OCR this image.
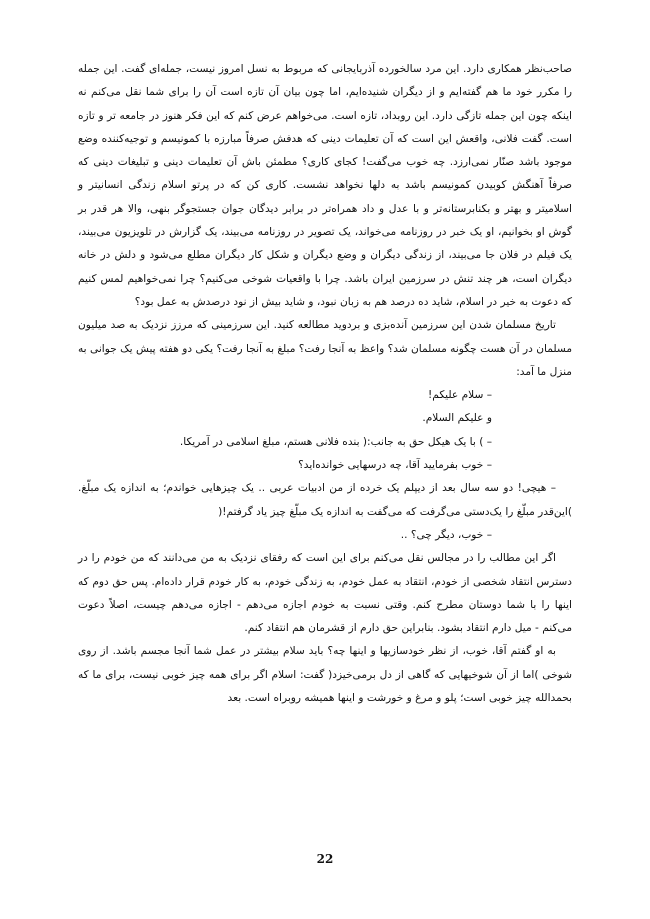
صاحب‌نظر همکاری دارد. این مرد سالخورده آذربایجانی که مربوط به نسل امروز نیست، جمله‌ای گفت. این جمله را مکرر خود ما هم گفته‌ایم و از دیگران شنیده‌ایم، اما چون بیان آن تازه است آن را برای شما نقل می‌کنم نه اینکه چون این جمله تازگی دارد. این روبداد، تازه است. می‌خواهم عرض کنم که این فکر هنوز در جامعه تر و تازه است. گفت فلانی، واقعش این است که آن تعلیمات دینی که هدفش صرفاً مبارزه با کمونیسم و توجیه‌کننده وضع موجود باشد صنّار نمی‌ارزد. چه خوب می‌گفت! کجای کاری؟ مطمئن باش آن تعلیمات دینی و تبلیغات دینی که صرفاً آهنگش کوبیدن کمونیسم باشد به دلها نخواهد نشست. کاری کن که در پرتو اسلام زندگی انسانیتر و اسلامیتر و بهتر و بکنابرستانه‌تر و با عدل و داد همراه‌تر در برابر دیدگان جوان جستجوگر بنهی، والا هر قدر بر گوش او بخوانیم، او یک خبر در روزنامه می‌خواند، یک تصویر در روزنامه می‌بیند، یک گزارش در تلویزیون می‌بیند، یک فیلم در فلان جا می‌بیند، از زندگی دیگران و وضع دیگران و شکل کار دیگران مطلع می‌شود و دلش در خانه دیگران است، هر چند تنش در سرزمین ایران باشد. چرا با واقعیات شوخی می‌کنیم؟ چرا نمی‌خواهیم لمس کنیم که دعوت به خیر در اسلام، شاید ده درصد هم به زبان نبود، و شاید بیش از نود درصدش به عمل بود؟

تاریخ مسلمان شدن این سرزمین آنده‌بزی و بردوید مطالعه کنید. این سرزمینی که مرزز نزدیک به صد میلیون مسلمان در آن هست چگونه مسلمان شد؟ واعظ به آنجا رفت؟ مبلغ به آنجا رفت؟ یکی دو هفته پیش یک جوانی به منزل ما آمد:

– سلام علیکم!

و علیکم السلام.

– ) با یک هیکل حق به جانب:( بنده فلانی هستم، مبلغ اسلامی در آمریکا.

– خوب بفرمایید آقا، چه درسهایی خوانده‌اید؟

– هیچی! دو سه سال بعد از دیپلم یک خرده از من ادبیات عربی .. یک چیزهایی خواندم؛ به اندازه یک مبلّغ. )این‌قدر مبلّغ را یک‌دستی می‌گرفت که می‌گفت به اندازه یک مبلّغ چیز یاد گرفتم!(

– خوب، دیگر چی؟ ..

اگر این مطالب را در مجالس نقل می‌کنم برای این است که رفقای نزدیک به من می‌دانند که من خودم را در دسترس انتقاد شخصی از خودم، انتقاد به عمل خودم، به زندگی خودم، به کار خودم قرار داده‌ام. پس حق دوم که اینها را با شما دوستان مطرح کنم. وقتی نسبت به خودم اجازه می‌دهم - اجازه می‌دهم چیست، اصلاً دعوت می‌کنم - میل دارم انتقاد بشود. بنابراین حق دارم از قشرمان هم انتقاد کنم.

به او گفتم آقا، خوب، از نظر خودسازیها و اینها چه؟ باید سلام بیشتر در عمل شما آنجا مجسم باشد. از روی شوخی )اما از آن شوخیهایی که گاهی از دل برمی‌خیزد( گفت: اسلام اگر برای همه چیز خوبی نیست، برای ما که بحمدالله چیز خوبی است؛ پلو و مرغ و خورشت و اینها همیشه روبراه است. بعد

22
